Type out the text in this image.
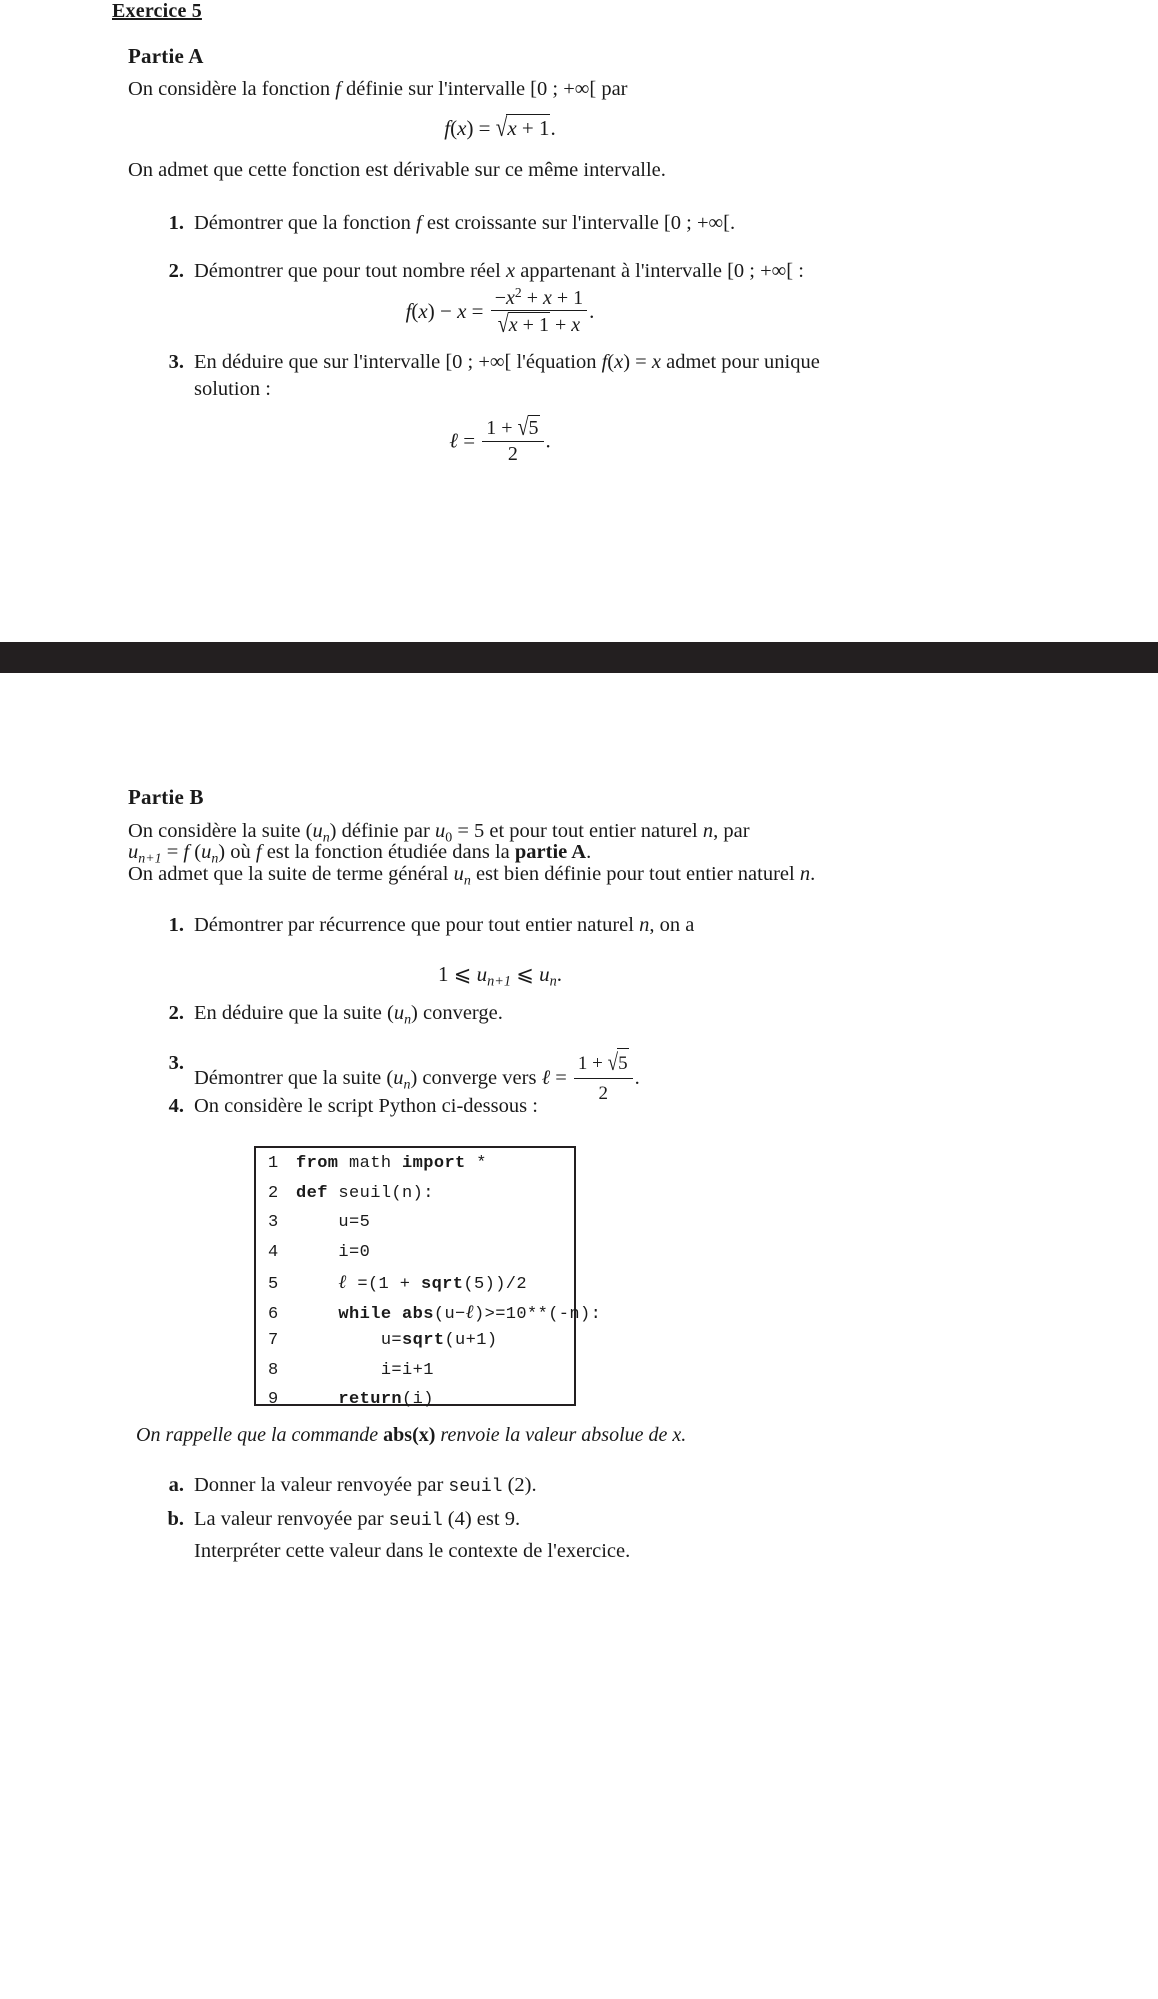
Exercice 5
Partie A
On considère la fonction f définie sur l'intervalle [0 ; +∞[ par
f(x) = √x + 1.
On admet que cette fonction est dérivable sur ce même intervalle.
1. Démontrer que la fonction f est croissante sur l'intervalle [0 ; +∞[.
2. Démontrer que pour tout nombre réel x appartenant à l'intervalle [0 ; +∞[ :
$f(x) - x = \frac{-x^2 + x + 1}{√x + 1 + x}$ .
3. En déduire que sur l'intervalle [0 ; +∞[ l'équation f(x) = x admet pour unique
solution :
ℓ = $\frac{1 + √5}{2}$ .
Partie B
On considère la suite $(u_n)$ définie par $u_0 = 5$ et pour tout entier naturel n, par
$u_{n+1} = f$ $(u_n)$ où f est la fonction étudiée dans la partie A.
On admet que la suite de terme général $u_n$ est bien définie pour tout entier naturel n.
1. Démontrer par récurrence que pour tout entier naturel n, on a
1 ⩽ $u_{n+1}$ ⩽ $u_n$.
2. En déduire que la suite $(u_n)$ converge.
3.
Démontrer que la suite $(u_n)$ converge vers ℓ = $\frac{1 + √5}{2}$ .
4. On considère le script Python ci-dessous :
1	from math import *
2	def seuil(n):
3	u=5
4	i=0
5	ℓ =(1 + sqrt(5))/2
6	while abs(u−ℓ)>=10**(-n):
7	u=sqrt(u+1)
8	i=i+1
9	return(i)
On rappelle que la commande abs(x) renvoie la valeur absolue de x.
a. Donner la valeur renvoyée par seuil (2).
b. La valeur renvoyée par seuil (4) est 9.
Interpréter cette valeur dans le contexte de l'exercice.
